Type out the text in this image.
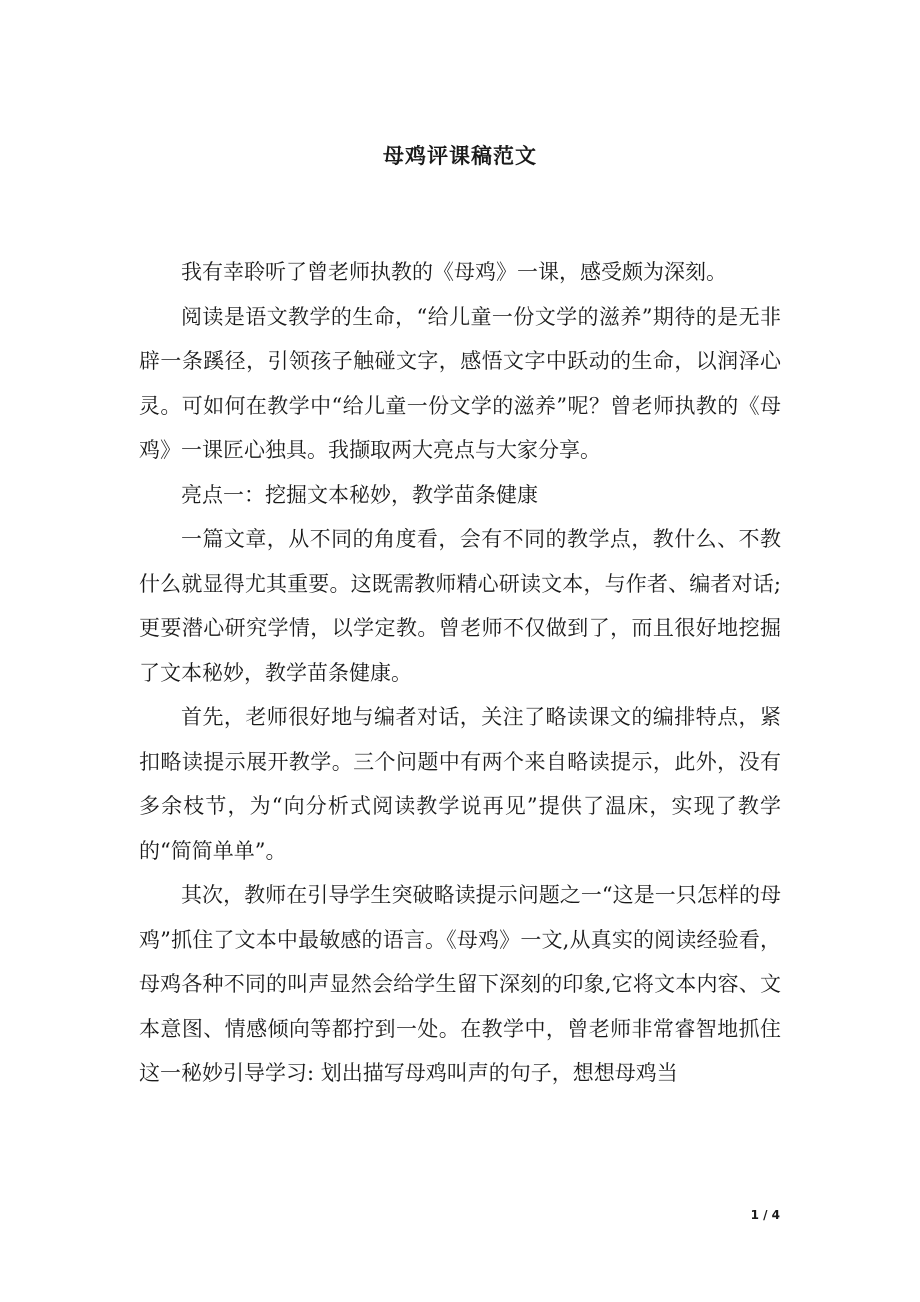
母鸡评课稿范文

我有幸聆听了曾老师执教的《母鸡》一课，感受颇为深刻。

阅读是语文教学的生命，“给儿童一份文学的滋养”期待的是无非辟一条蹊径，引领孩子触碰文字，感悟文字中跃动的生命，以润泽心灵。可如何在教学中“给儿童一份文学的滋养”呢？曾老师执教的《母鸡》一课匠心独具。我撷取两大亮点与大家分享。

亮点一：挖掘文本秘妙，教学苗条健康

一篇文章，从不同的角度看，会有不同的教学点，教什么、不教什么就显得尤其重要。这既需教师精心研读文本，与作者、编者对话;更要潜心研究学情，以学定教。曾老师不仅做到了，而且很好地挖掘了文本秘妙，教学苗条健康。

首先，老师很好地与编者对话，关注了略读课文的编排特点，紧扣略读提示展开教学。三个问题中有两个来自略读提示，此外，没有多余枝节，为“向分析式阅读教学说再见”提供了温床，实现了教学的“简简单单”。

其次，教师在引导学生突破略读提示问题之一“这是一只怎样的母鸡”抓住了文本中最敏感的语言。《母鸡》一文,从真实的阅读经验看，母鸡各种不同的叫声显然会给学生留下深刻的印象,它将文本内容、文本意图、情感倾向等都拧到一处。在教学中，曾老师非常睿智地抓住这一秘妙引导学习: 划出描写母鸡叫声的句子，想想母鸡当

1 / 4
